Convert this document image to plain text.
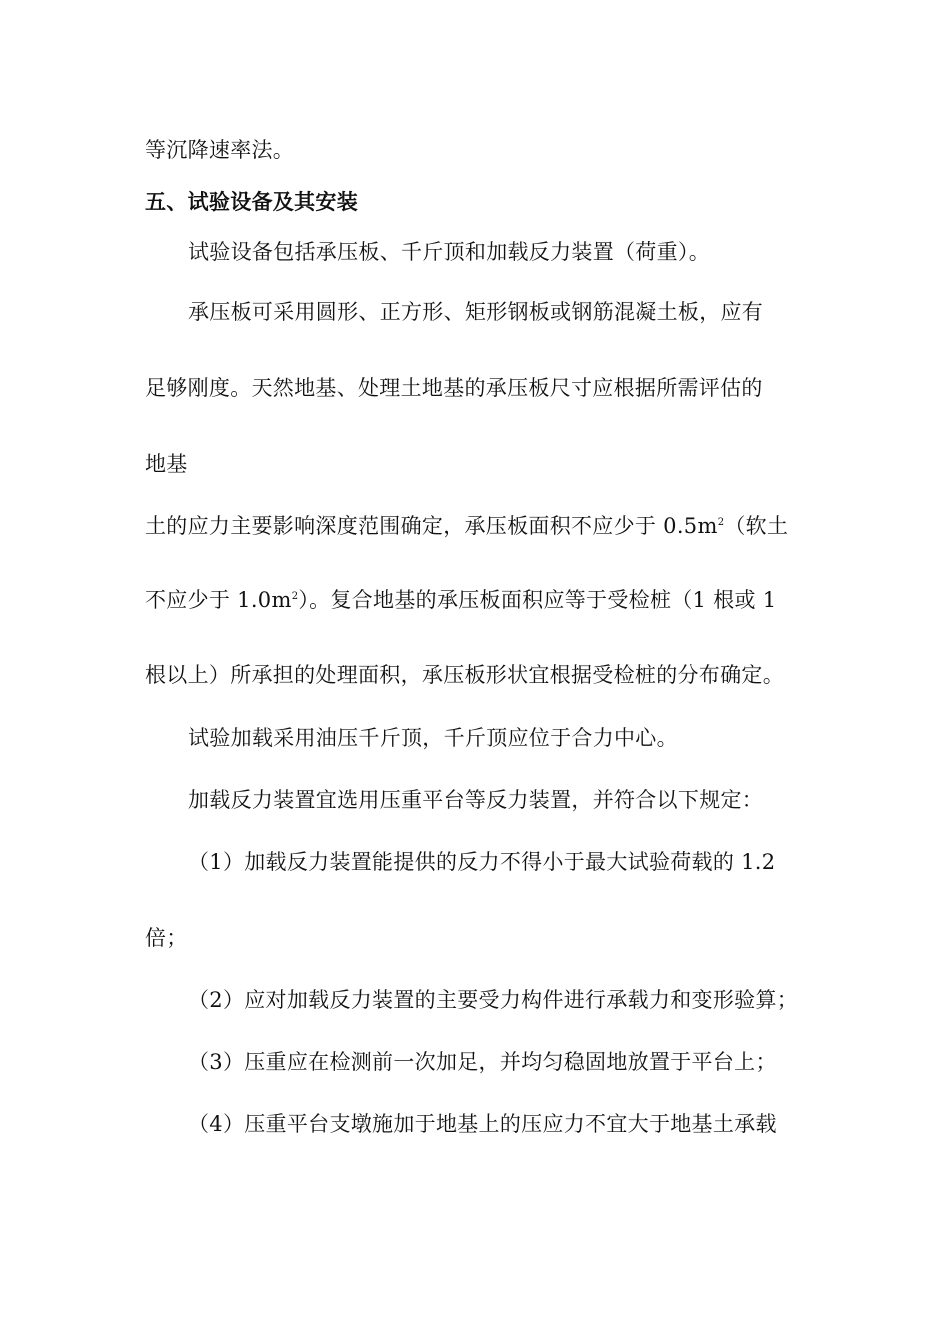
等沉降速率法。

五、试验设备及其安装

试验设备包括承压板、千斤顶和加载反力装置（荷重）。

承压板可采用圆形、正方形、矩形钢板或钢筋混凝土板，应有

足够刚度。天然地基、处理土地基的承压板尺寸应根据所需评估的

地基

土的应力主要影响深度范围确定，承压板面积不应少于 $0.5m^2$（软土

不应少于 $1.0m^2$）。复合地基的承压板面积应等于受检桩（1 根或 1

根以上）所承担的处理面积，承压板形状宜根据受检桩的分布确定。

试验加载采用油压千斤顶，千斤顶应位于合力中心。

加载反力装置宜选用压重平台等反力装置，并符合以下规定：

（1）加载反力装置能提供的反力不得小于最大试验荷载的 1.2

倍；

（2）应对加载反力装置的主要受力构件进行承载力和变形验算；

（3）压重应在检测前一次加足，并均匀稳固地放置于平台上；

（4）压重平台支墩施加于地基上的压应力不宜大于地基土承载
